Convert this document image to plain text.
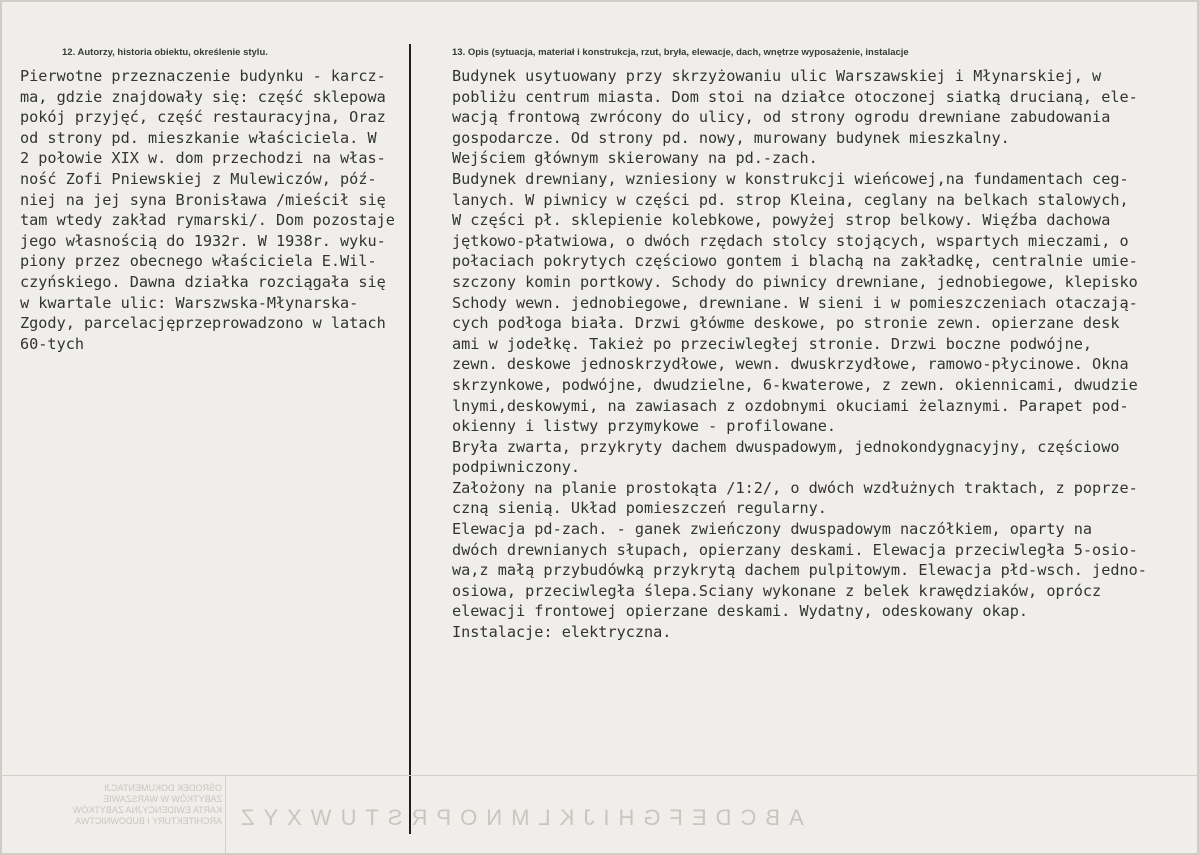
12. Autorzy, historia obiektu, określenie stylu.	13. Opis (sytuacja, materiał i konstrukcja, rzut, bryła, elewacje, dach, wnętrze wyposażenie, instalacje
Pierwotne przeznaczenie budynku - karcz-
ma, gdzie znajdowały się: część sklepowa
pokój przyjęć, część restauracyjna, Oraz
od strony pd. mieszkanie właściciela. W
2 połowie XIX w. dom przechodzi na włas-
ność Zofi Pniewskiej z Mulewiczów, póź-
niej na jej syna Bronisława /mieścił się
tam wtedy zakład rymarski/. Dom pozostaje
jego własnością do 1932r. W 1938r. wyku-
piony przez obecnego właściciela E.Wil-
czyńskiego. Dawna działka rozciągała się
w kwartale ulic: Warszwska-Młynarska-
Zgody, parcelacjęprzeprowadzono w latach
60-tych
Budynek usytuowany przy skrzyżowaniu ulic Warszawskiej i Młynarskiej, w
pobliżu centrum miasta. Dom stoi na działce otoczonej siatką drucianą, ele-
wacją frontową zwrócony do ulicy, od strony ogrodu drewniane zabudowania
gospodarcze. Od strony pd. nowy, murowany budynek mieszkalny.
Wejściem głównym skierowany na pd.-zach.
Budynek drewniany, wzniesiony w konstrukcji wieńcowej,na fundamentach ceg-
lanych. W piwnicy w części pd. strop Kleina, ceglany na belkach stalowych,
W części pł. sklepienie kolebkowe, powyżej strop belkowy. Więźba dachowa
jętkowo-płatwiowa, o dwóch rzędach stolcy stojących, wspartych mieczami, o
połaciach pokrytych częściowo gontem i blachą na zakładkę, centralnie umie-
szczony komin portkowy. Schody do piwnicy drewniane, jednobiegowe, klepisko
Schody wewn. jednobiegowe, drewniane. W sieni i w pomieszczeniach otaczają-
cych podłoga biała. Drzwi główme deskowe, po stronie zewn. opierzane desk
ami w jodełkę. Takież po przeciwległej stronie. Drzwi boczne podwójne,
zewn. deskowe jednoskrzydłowe, wewn. dwuskrzydłowe, ramowo-płycinowe. Okna
skrzynkowe, podwójne, dwudzielne, 6-kwaterowe, z zewn. okiennicami, dwudzie
lnymi,deskowymi, na zawiasach z ozdobnymi okuciami żelaznymi. Parapet pod-
okienny i listwy przymykowe - profilowane.
Bryła zwarta, przykryty dachem dwuspadowym, jednokondygnacyjny, częściowo
podpiwniczony.
Założony na planie prostokąta /1:2/, o dwóch wzdłużnych traktach, z poprze-
czną sienią. Układ pomieszczeń regularny.
Elewacja pd-zach. - ganek zwieńczony dwuspadowym naczółkiem, oparty na
dwóch drewnianych słupach, opierzany deskami. Elewacja przeciwległa 5-osio-
wa,z małą przybudówką przykrytą dachem pulpitowym. Elewacja płd-wsch. jedno-
osiowa, przeciwległa ślepa.Sciany wykonane z belek krawędziaków, oprócz
elewacji frontowej opierzane deskami. Wydatny, odeskowany okap.
Instalacje: elektryczna.
OŚRODEK DOKUMENTACJI
ZABYTKÓW W WARSZAWIE
KARTA EWIDENCYJNA ZABYTKÓW
ARCHITEKTURY I BUDOWNICTWA ABCDEFGHIJKLMNOPRSTUWXYZ
